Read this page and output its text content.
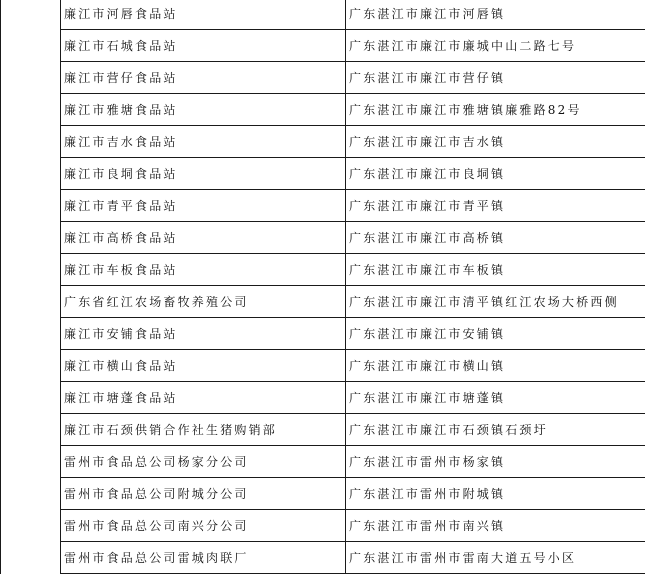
	廉江市河唇食品站	广东湛江市廉江市河唇镇
	廉江市石城食品站	广东湛江市廉江市廉城中山二路七号
	廉江市营仔食品站	广东湛江市廉江市营仔镇
	廉江市雅塘食品站	广东湛江市廉江市雅塘镇廉雅路82号
	廉江市吉水食品站	广东湛江市廉江市吉水镇
	廉江市良垌食品站	广东湛江市廉江市良垌镇
	廉江市青平食品站	广东湛江市廉江市青平镇
	廉江市高桥食品站	广东湛江市廉江市高桥镇
	廉江市车板食品站	广东湛江市廉江市车板镇
	广东省红江农场畜牧养殖公司	广东湛江市廉江市清平镇红江农场大桥西侧
	廉江市安铺食品站	广东湛江市廉江市安铺镇
	廉江市横山食品站	广东湛江市廉江市横山镇
	廉江市塘蓬食品站	广东湛江市廉江市塘蓬镇
	廉江市石颈供销合作社生猪购销部	广东湛江市廉江市石颈镇石颈圩
	雷州市食品总公司杨家分公司	广东湛江市雷州市杨家镇
	雷州市食品总公司附城分公司	广东湛江市雷州市附城镇
	雷州市食品总公司南兴分公司	广东湛江市雷州市南兴镇
	雷州市食品总公司雷城肉联厂	广东湛江市雷州市雷南大道五号小区
